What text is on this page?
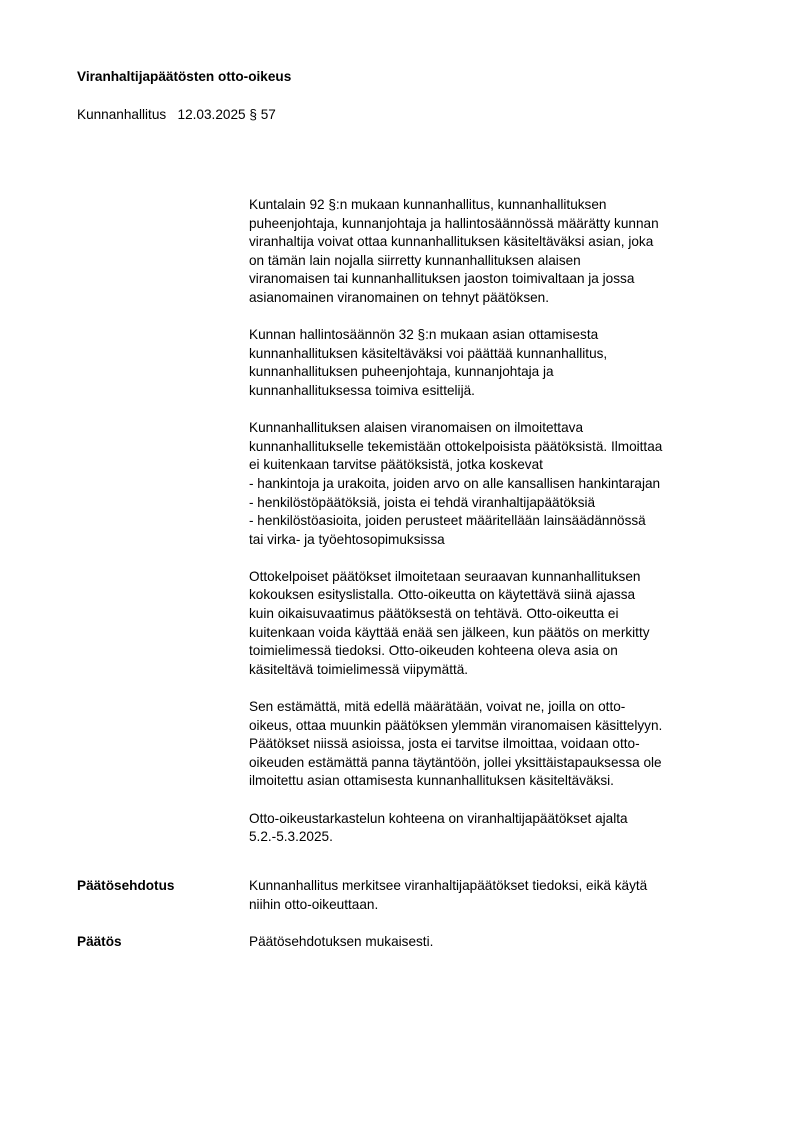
Viranhaltijapäätösten otto-oikeus
Kunnanhallitus 12.03.2025 § 57

Kuntalain 92 §:n mukaan kunnanhallitus, kunnanhallituksen
puheenjohtaja, kunnanjohtaja ja hallintosäännössä määrätty kunnan
viranhaltija voivat ottaa kunnanhallituksen käsiteltäväksi asian, joka
on tämän lain nojalla siirretty kunnanhallituksen alaisen
viranomaisen tai kunnanhallituksen jaoston toimivaltaan ja jossa
asianomainen viranomainen on tehnyt päätöksen.

Kunnan hallintosäännön 32 §:n mukaan asian ottamisesta
kunnanhallituksen käsiteltäväksi voi päättää kunnanhallitus,
kunnanhallituksen puheenjohtaja, kunnanjohtaja ja
kunnanhallituksessa toimiva esittelijä.

Kunnanhallituksen alaisen viranomaisen on ilmoitettava
kunnanhallitukselle tekemistään ottokelpoisista päätöksistä. Ilmoittaa
ei kuitenkaan tarvitse päätöksistä, jotka koskevat
- hankintoja ja urakoita, joiden arvo on alle kansallisen hankintarajan
- henkilöstöpäätöksiä, joista ei tehdä viranhaltijapäätöksiä
- henkilöstöasioita, joiden perusteet määritellään lainsäädännössä
tai virka- ja työehtosopimuksissa

Ottokelpoiset päätökset ilmoitetaan seuraavan kunnanhallituksen
kokouksen esityslistalla. Otto-oikeutta on käytettävä siinä ajassa
kuin oikaisuvaatimus päätöksestä on tehtävä. Otto-oikeutta ei
kuitenkaan voida käyttää enää sen jälkeen, kun päätös on merkitty
toimielimessä tiedoksi. Otto-oikeuden kohteena oleva asia on
käsiteltävä toimielimessä viipymättä.

Sen estämättä, mitä edellä määrätään, voivat ne, joilla on otto-
oikeus, ottaa muunkin päätöksen ylemmän viranomaisen käsittelyyn.
Päätökset niissä asioissa, josta ei tarvitse ilmoittaa, voidaan otto-
oikeuden estämättä panna täytäntöön, jollei yksittäistapauksessa ole
ilmoitettu asian ottamisesta kunnanhallituksen käsiteltäväksi.

Otto-oikeustarkastelun kohteena on viranhaltijapäätökset ajalta
5.2.-5.3.2025.

Päätösehdotus	Kunnanhallitus merkitsee viranhaltijapäätökset tiedoksi, eikä käytä
niihin otto-oikeuttaan.
Päätös	Päätösehdotuksen mukaisesti.
